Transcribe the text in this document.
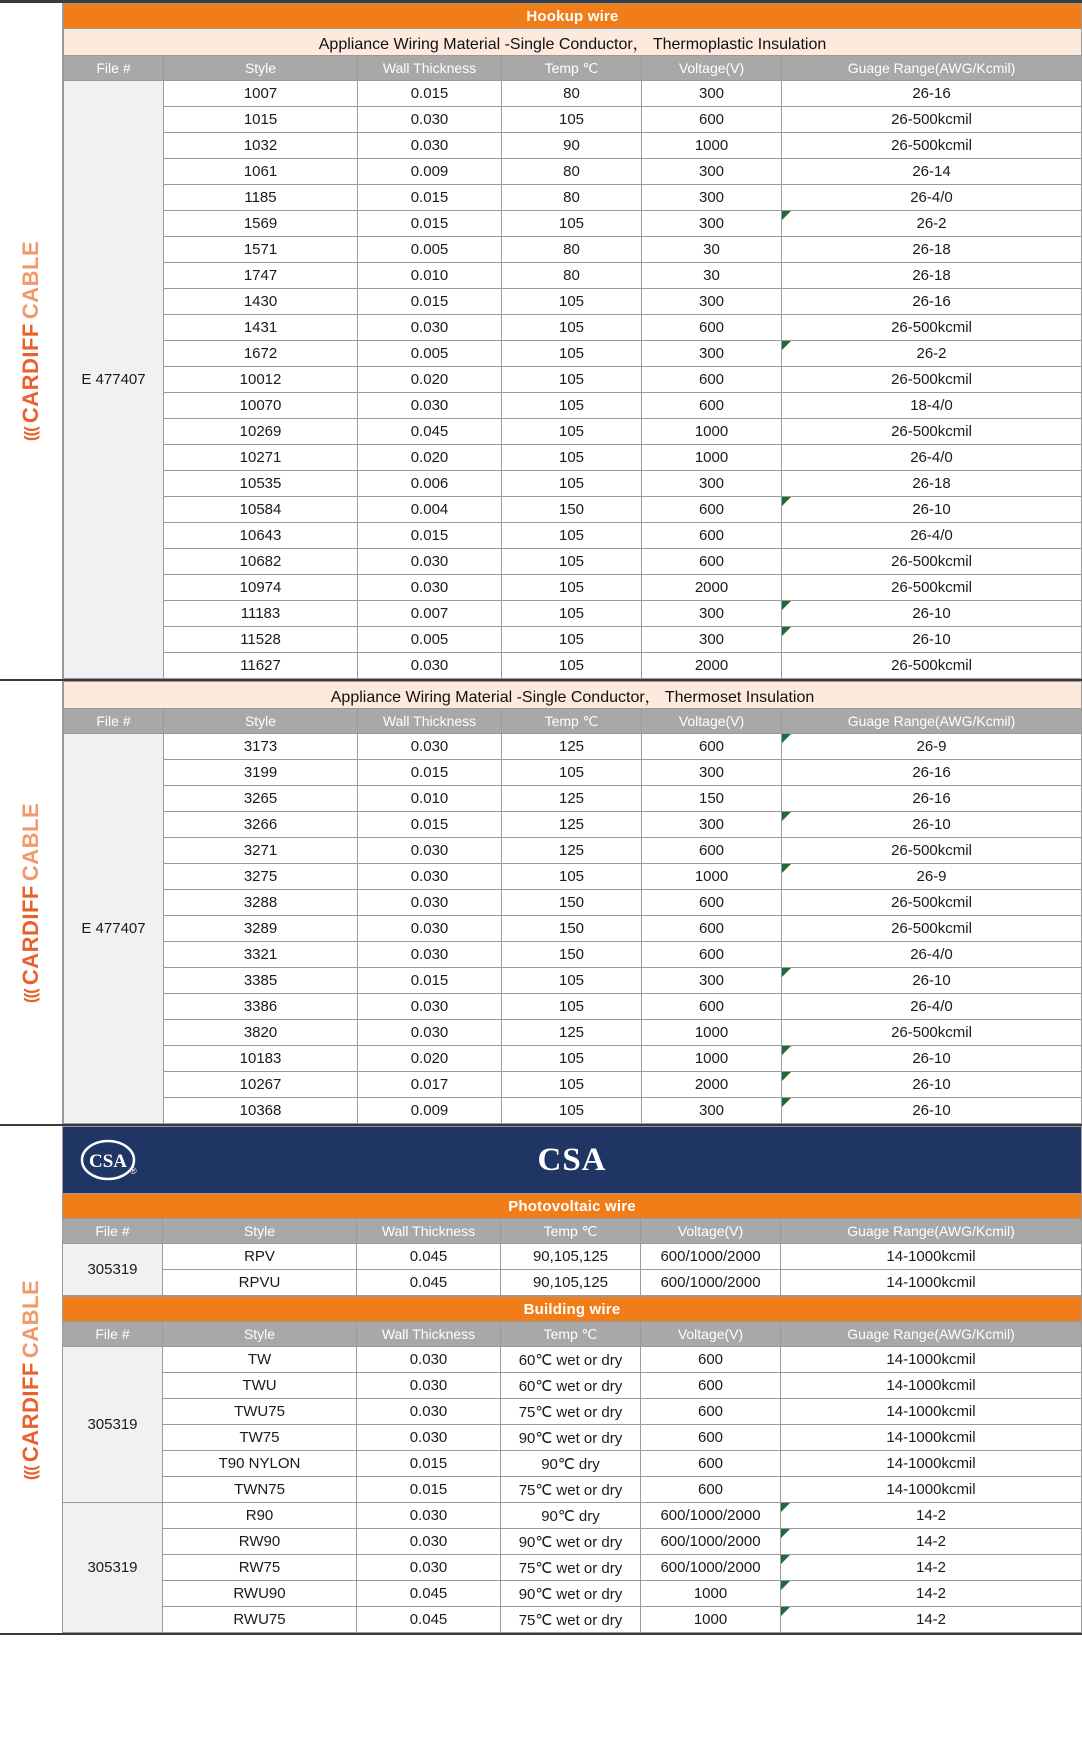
(((
CARDIFF
CABLE
Hookup wire					
Appliance Wiring Material -Single Conductor， Thermoplastic Insulation					
File #	Style	Wall Thickness	Temp ℃	Voltage(V)	Guage Range(AWG/Kcmil)
E 477407	1007	0.015	80	300	26-16
	1015	0.030	105	600	26-500kcmil
	1032	0.030	90	1000	26-500kcmil
	1061	0.009	80	300	26-14
	1185	0.015	80	300	26-4/0
	1569	0.015	105	300	26-2
	1571	0.005	80	30	26-18
	1747	0.010	80	30	26-18
	1430	0.015	105	300	26-16
	1431	0.030	105	600	26-500kcmil
	1672	0.005	105	300	26-2
	10012	0.020	105	600	26-500kcmil
	10070	0.030	105	600	18-4/0
	10269	0.045	105	1000	26-500kcmil
	10271	0.020	105	1000	26-4/0
	10535	0.006	105	300	26-18
	10584	0.004	150	600	26-10
	10643	0.015	105	600	26-4/0
	10682	0.030	105	600	26-500kcmil
	10974	0.030	105	2000	26-500kcmil
	11183	0.007	105	300	26-10
	11528	0.005	105	300	26-10
	11627	0.030	105	2000	26-500kcmil
(((
CARDIFF
CABLE
Appliance Wiring Material -Single Conductor， Thermoset Insulation					
File #	Style	Wall Thickness	Temp ℃	Voltage(V)	Guage Range(AWG/Kcmil)
E 477407	3173	0.030	125	600	26-9
	3199	0.015	105	300	26-16
	3265	0.010	125	150	26-16
	3266	0.015	125	300	26-10
	3271	0.030	125	600	26-500kcmil
	3275	0.030	105	1000	26-9
	3288	0.030	150	600	26-500kcmil
	3289	0.030	150	600	26-500kcmil
	3321	0.030	150	600	26-4/0
	3385	0.015	105	300	26-10
	3386	0.030	105	600	26-4/0
	3820	0.030	125	1000	26-500kcmil
	10183	0.020	105	1000	26-10
	10267	0.017	105	2000	26-10
	10368	0.009	105	300	26-10
(((
CARDIFF
CABLE
CSA ®	CSA
Photovoltaic wire					
File #	Style	Wall Thickness	Temp ℃	Voltage(V)	Guage Range(AWG/Kcmil)
305319	RPV	0.045	90,105,125	600/1000/2000	14-1000kcmil
	RPVU	0.045	90,105,125	600/1000/2000	14-1000kcmil
Building wire					
File #	Style	Wall Thickness	Temp ℃	Voltage(V)	Guage Range(AWG/Kcmil)
305319	TW	0.030	60℃ wet or dry	600	14-1000kcmil
	TWU	0.030	60℃ wet or dry	600	14-1000kcmil
	TWU75	0.030	75℃ wet or dry	600	14-1000kcmil
	TW75	0.030	90℃ wet or dry	600	14-1000kcmil
	T90 NYLON	0.015	90℃ dry	600	14-1000kcmil
	TWN75	0.015	75℃ wet or dry	600	14-1000kcmil
305319	R90	0.030	90℃ dry	600/1000/2000	14-2
	RW90	0.030	90℃ wet or dry	600/1000/2000	14-2
	RW75	0.030	75℃ wet or dry	600/1000/2000	14-2
	RWU90	0.045	90℃ wet or dry	1000	14-2
	RWU75	0.045	75℃ wet or dry	1000	14-2
